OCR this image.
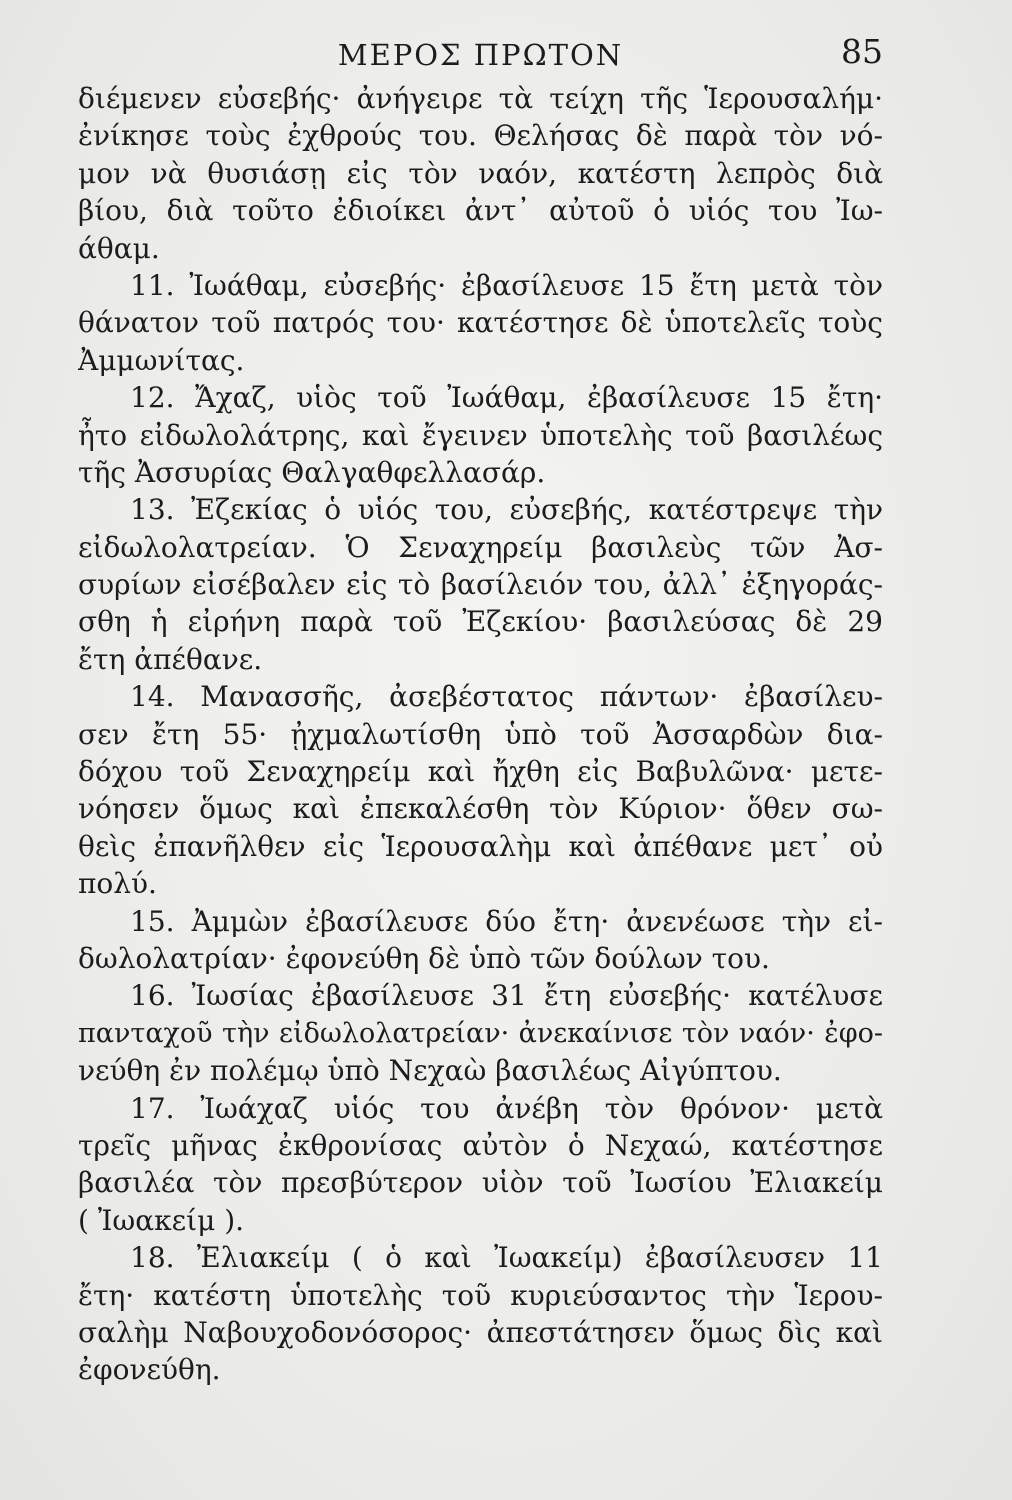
ΜΕΡΟΣ ΠΡΩΤΟΝ	85
διέμενεν εὐσεβής· ἀνήγειρε τὰ τείχη τῆς Ἱερουσαλήμ·
ἐνίκησε τοὺς ἐχθρούς του. Θελήσας δὲ παρὰ τὸν νό-
μον νὰ θυσιάσῃ εἰς τὸν ναόν, κατέστη λεπρὸς διὰ
βίου, διὰ τοῦτο ἐδιοίκει ἀντ᾽ αὐτοῦ ὁ υἱός του Ἰω-
άθαμ.
11. Ἰωάθαμ, εὐσεβής· ἐβασίλευσε 15 ἔτη μετὰ τὸν
θάνατον τοῦ πατρός του· κατέστησε δὲ ὑποτελεῖς τοὺς
Ἀμμωνίτας.
12. Ἄχαζ, υἱὸς τοῦ Ἰωάθαμ, ἐβασίλευσε 15 ἔτη·
ἦτο εἰδωλολάτρης, καὶ ἔγεινεν ὑποτελὴς τοῦ βασιλέως
τῆς Ἀσσυρίας Θαλγαθφελλασάρ.
13. Ἐζεκίας ὁ υἱός του, εὐσεβής, κατέστρεψε τὴν
εἰδωλολατρείαν. Ὁ Σεναχηρείμ βασιλεὺς τῶν Ἀσ-
συρίων εἰσέβαλεν εἰς τὸ βασίλειόν του, ἀλλ᾽ ἐξηγοράς-
σθη ἡ εἰρήνη παρὰ τοῦ Ἐζεκίου· βασιλεύσας δὲ 29
ἔτη ἀπέθανε.
14. Μανασσῆς, ἀσεβέστατος πάντων· ἐβασίλευ-
σεν ἔτη 55· ᾐχμαλωτίσθη ὑπὸ τοῦ Ἀσσαρδὼν δια-
δόχου τοῦ Σεναχηρείμ καὶ ἤχθη εἰς Βαβυλῶνα· μετε-
νόησεν ὅμως καὶ ἐπεκαλέσθη τὸν Κύριον· ὅθεν σω-
θεὶς ἐπανῆλθεν εἰς Ἱερουσαλὴμ καὶ ἀπέθανε μετ᾽ οὐ
πολύ.
15. Ἀμμὼν ἐβασίλευσε δύο ἔτη· ἀνενέωσε τὴν εἰ-
δωλολατρίαν· ἐφονεύθη δὲ ὑπὸ τῶν δούλων του.
16. Ἰωσίας ἐβασίλευσε 31 ἔτη εὐσεβής· κατέλυσε
πανταχοῦ τὴν εἰδωλολατρείαν· ἀνεκαίνισε τὸν ναόν· ἐφο-
νεύθη ἐν πολέμῳ ὑπὸ Νεχαὼ βασιλέως Αἰγύπτου.
17. Ἰωάχαζ υἱός του ἀνέβη τὸν θρόνον· μετὰ
τρεῖς μῆνας ἐκθρονίσας αὐτὸν ὁ Νεχαώ, κατέστησε
βασιλέα τὸν πρεσβύτερον υἱὸν τοῦ Ἰωσίου Ἐλιακείμ
( Ἰωακείμ ).
18. Ἐλιακείμ ( ὁ καὶ Ἰωακείμ) ἐβασίλευσεν 11
ἔτη· κατέστη ὑποτελὴς τοῦ κυριεύσαντος τὴν Ἱερου-
σαλὴμ Ναβουχοδονόσορος· ἀπεστάτησεν ὅμως δὶς καὶ
ἐφονεύθη.
